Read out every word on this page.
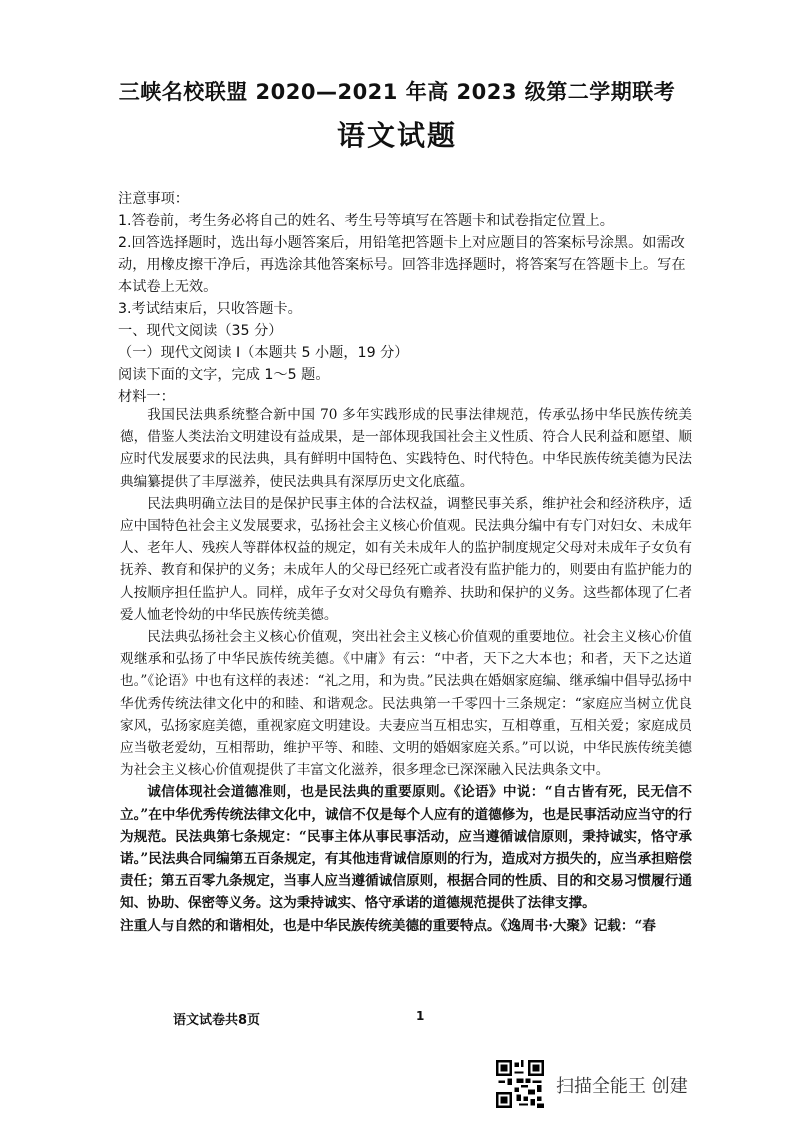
三峡名校联盟 2020—2021 年高 2023 级第二学期联考
语文试题

注意事项：

1.答卷前，考生务必将自己的姓名、考生号等填写在答题卡和试卷指定位置上。

2.回答选择题时，选出每小题答案后，用铅笔把答题卡上对应题目的答案标号涂黑。如需改动，用橡皮擦干净后，再选涂其他答案标号。回答非选择题时，将答案写在答题卡上。写在本试卷上无效。

3.考试结束后，只收答题卡。

一、现代文阅读（35 分）

（一）现代文阅读 I（本题共 5 小题，19 分）

阅读下面的文字，完成 1～5 题。

材料一：

我国民法典系统整合新中国 70 多年实践形成的民事法律规范，传承弘扬中华民族传统美德，借鉴人类法治文明建设有益成果，是一部体现我国社会主义性质、符合人民利益和愿望、顺应时代发展要求的民法典，具有鲜明中国特色、实践特色、时代特色。中华民族传统美德为民法典编纂提供了丰厚滋养，使民法典具有深厚历史文化底蕴。

民法典明确立法目的是保护民事主体的合法权益，调整民事关系，维护社会和经济秩序，适应中国特色社会主义发展要求，弘扬社会主义核心价值观。民法典分编中有专门对妇女、未成年人、老年人、残疾人等群体权益的规定，如有关未成年人的监护制度规定父母对未成年子女负有抚养、教育和保护的义务；未成年人的父母已经死亡或者没有监护能力的，则要由有监护能力的人按顺序担任监护人。同样，成年子女对父母负有赡养、扶助和保护的义务。这些都体现了仁者爱人恤老怜幼的中华民族传统美德。

民法典弘扬社会主义核心价值观，突出社会主义核心价值观的重要地位。社会主义核心价值观继承和弘扬了中华民族传统美德。《中庸》有云：“中者，天下之大本也；和者，天下之达道也。”《论语》中也有这样的表述：“礼之用，和为贵。”民法典在婚姻家庭编、继承编中倡导弘扬中华优秀传统法律文化中的和睦、和谐观念。民法典第一千零四十三条规定：“家庭应当树立优良家风，弘扬家庭美德，重视家庭文明建设。夫妻应当互相忠实，互相尊重，互相关爱；家庭成员应当敬老爱幼，互相帮助，维护平等、和睦、文明的婚姻家庭关系。”可以说，中华民族传统美德为社会主义核心价值观提供了丰富文化滋养，很多理念已深深融入民法典条文中。

诚信体现社会道德准则，也是民法典的重要原则。《论语》中说：“自古皆有死，民无信不立。”在中华优秀传统法律文化中，诚信不仅是每个人应有的道德修为，也是民事活动应当守的行为规范。民法典第七条规定：“民事主体从事民事活动，应当遵循诚信原则，秉持诚实，恪守承诺。”民法典合同编第五百条规定，有其他违背诚信原则的行为，造成对方损失的，应当承担赔偿责任；第五百零九条规定，当事人应当遵循诚信原则，根据合同的性质、目的和交易习惯履行通知、协助、保密等义务。这为秉持诚实、恪守承诺的道德规范提供了法律支撑。

注重人与自然的和谐相处，也是中华民族传统美德的重要特点。《逸周书·大聚》记载：“春

语文试卷共8页	1
扫描全能王 创建
